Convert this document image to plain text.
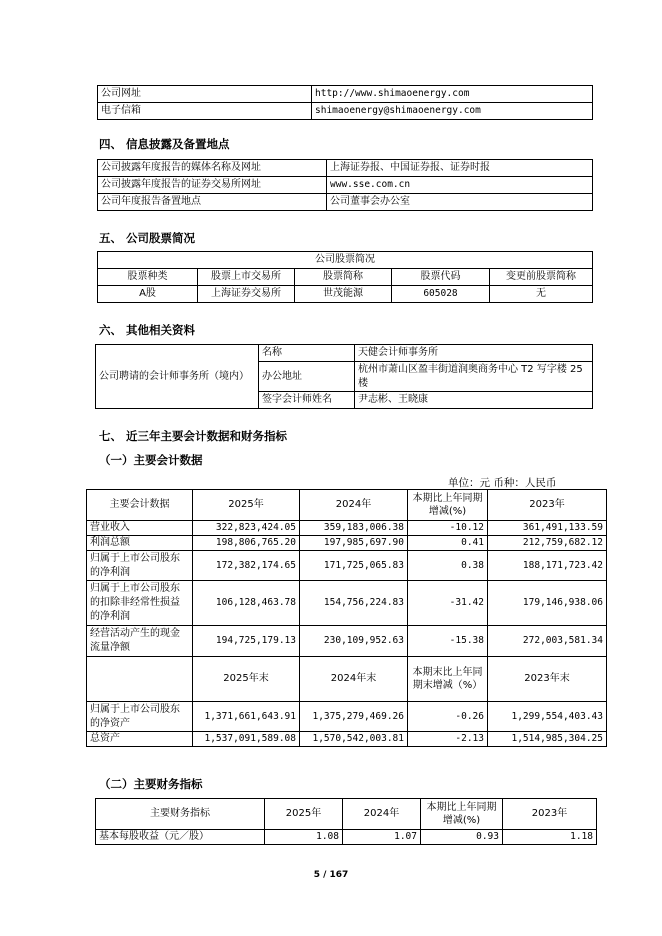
公司网址	http://www.shimaoenergy.com
电子信箱	shimaoenergy@shimaoenergy.com
四、 信息披露及备置地点
公司披露年度报告的媒体名称及网址	上海证券报、中国证券报、证券时报
公司披露年度报告的证券交易所网址	www.sse.com.cn
公司年度报告备置地点	公司董事会办公室
五、 公司股票简况
公司股票简况				
股票种类	股票上市交易所	股票简称	股票代码	变更前股票简称
A股	上海证券交易所	世茂能源	605028	无
六、 其他相关资料
公司聘请的会计师事务所（境内）	名称	天健会计师事务所
	办公地址	杭州市萧山区盈丰街道润奥商务中心 T2 写字楼 25 楼
	签字会计师姓名	尹志彬、王晓康
七、 近三年主要会计数据和财务指标
（一）主要会计数据
单位：元 币种：人民币
主要会计数据	2025年	2024年	本期比上年同期增减(%)	2023年
营业收入	322,823,424.05	359,183,006.38	-10.12	361,491,133.59
利润总额	198,806,765.20	197,985,697.90	0.41	212,759,682.12
归属于上市公司股东的净利润	172,382,174.65	171,725,065.83	0.38	188,171,723.42
归属于上市公司股东的扣除非经常性损益的净利润	106,128,463.78	154,756,224.83	-31.42	179,146,938.06
经营活动产生的现金流量净额	194,725,179.13	230,109,952.63	-15.38	272,003,581.34
	2025年末	2024年末	本期末比上年同期末增减（%）	2023年末
归属于上市公司股东的净资产	1,371,661,643.91	1,375,279,469.26	-0.26	1,299,554,403.43
总资产	1,537,091,589.08	1,570,542,003.81	-2.13	1,514,985,304.25
（二）主要财务指标
主要财务指标	2025年	2024年	本期比上年同期增减(%)	2023年
基本每股收益（元／股）	1.08	1.07	0.93	1.18
5 / 167
